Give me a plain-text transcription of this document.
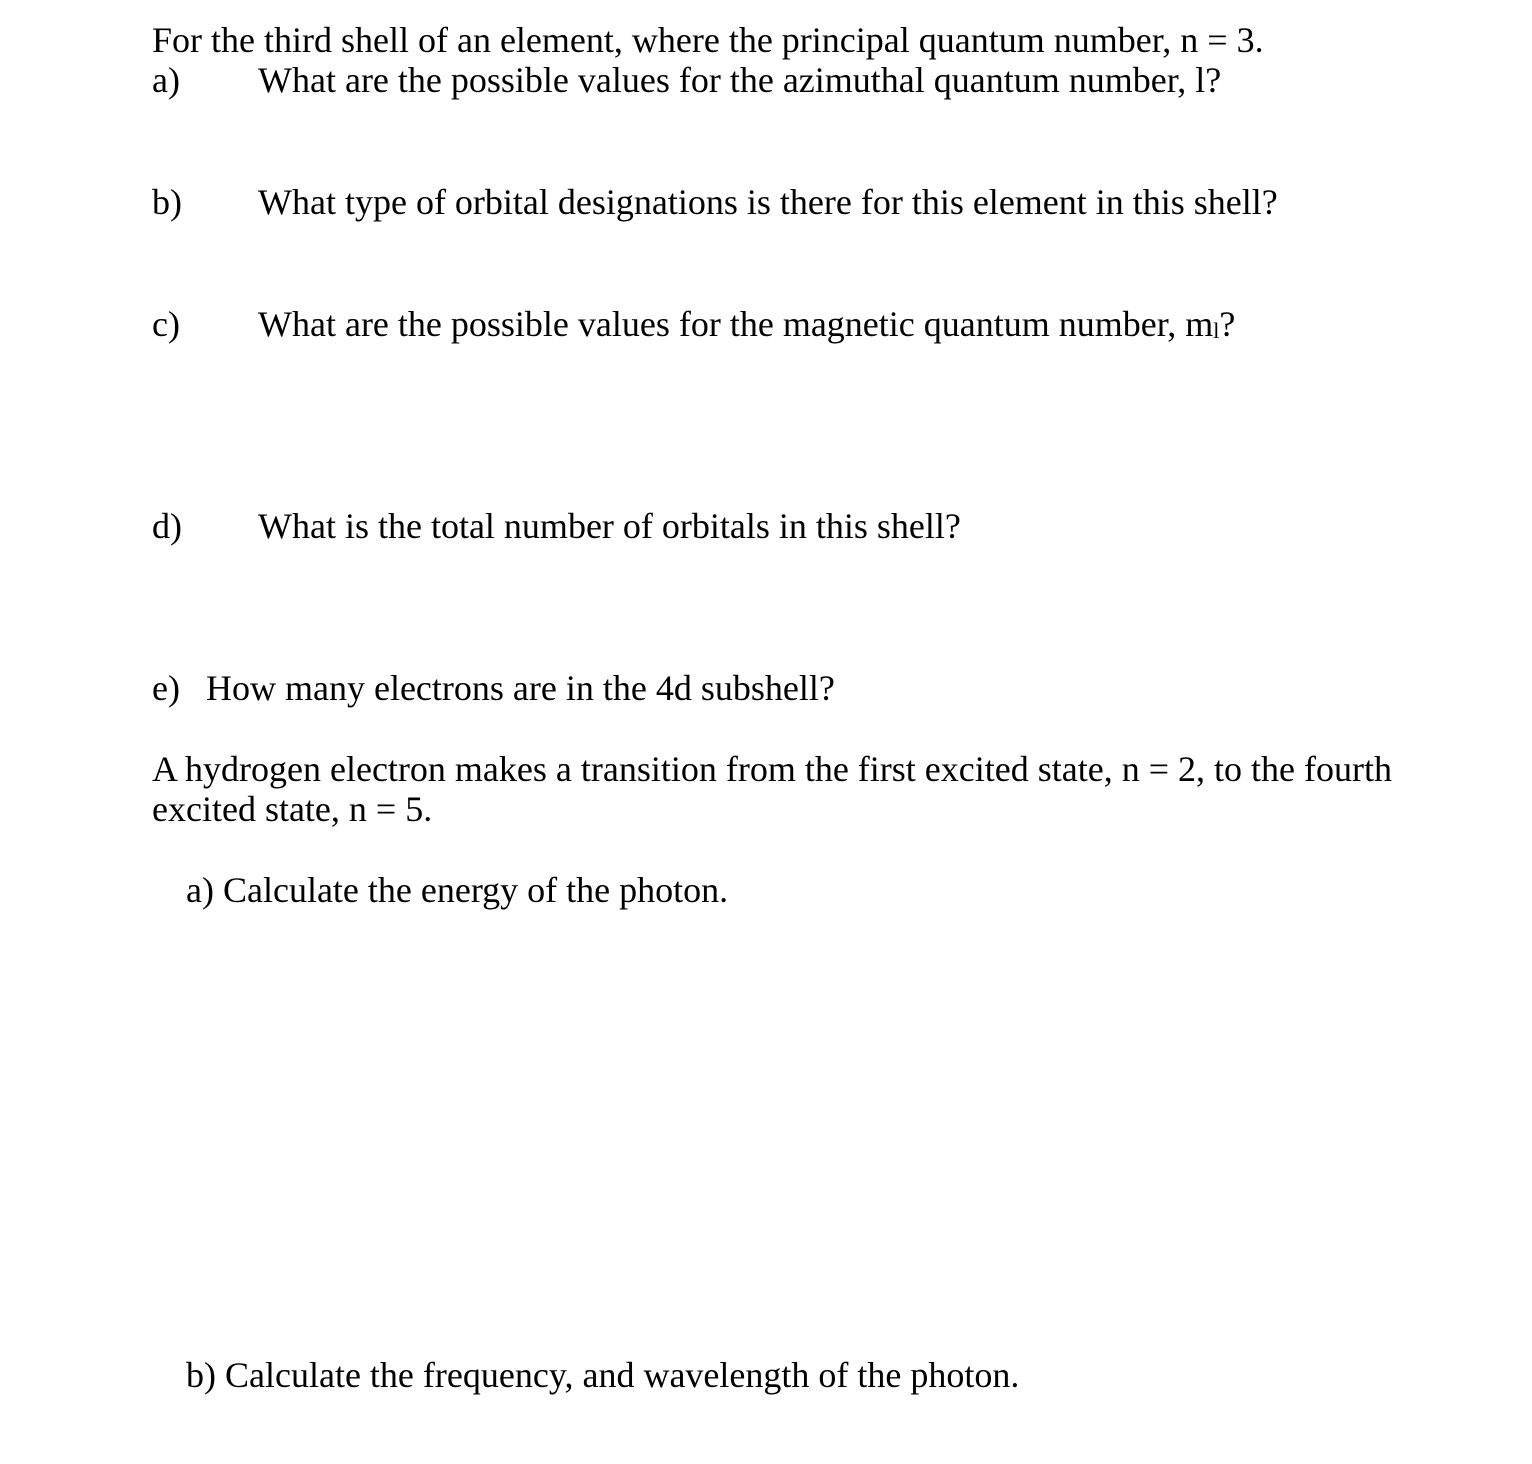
For the third shell of an element, where the principal quantum number, n = 3.
a) What are the possible values for the azimuthal quantum number, l?
b) What type of orbital designations is there for this element in this shell?
c) What are the possible values for the magnetic quantum number, ml?
d) What is the total number of orbitals in this shell?
e) How many electrons are in the 4d subshell?
A hydrogen electron makes a transition from the first excited state, n = 2, to the fourth
excited state, n = 5.
a) Calculate the energy of the photon.
b) Calculate the frequency, and wavelength of the photon.
